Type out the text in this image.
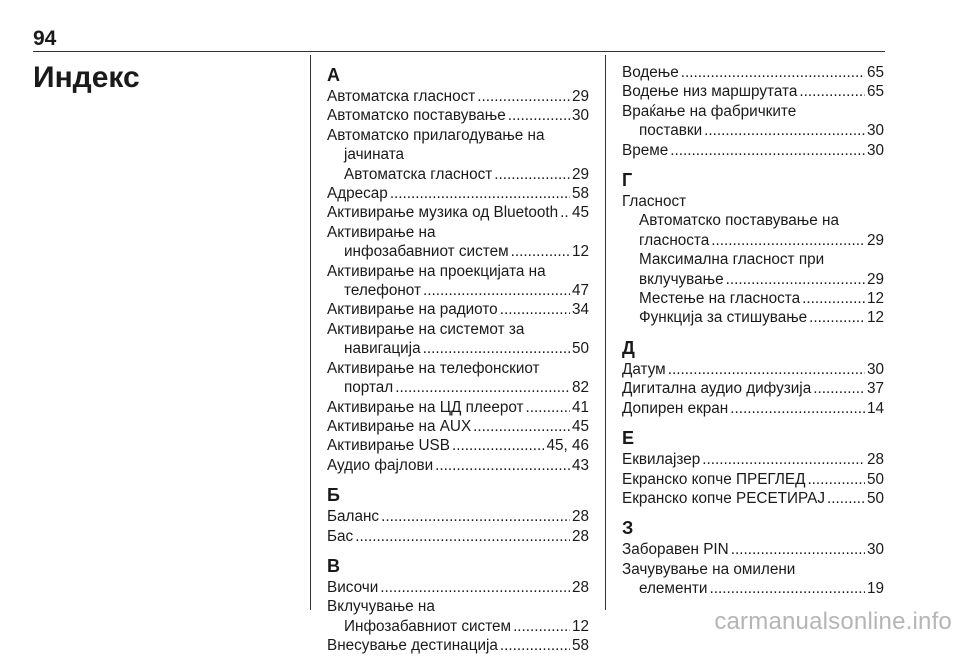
94
Индекс	А
Автоматска гласност .....	29
Автоматско поставување .....	30
Автоматско прилагодување на
јачината
Автоматска гласност .....	29
Адресар .....	58
Активирање музика од Bluetooth ..... 45
Активирање на
инфозабавниот систем .....	12
Активирање на проекцијата на
телефонот .....	47
Активирање на радиото .....	34
Активирање на системот за
навигација .....	50
Активирање на телефонскиот
портал .....	82
Активирање на ЦД плеерот .....	41
Активирање на AUX .....	45
Активирање USB .....	45, 46
Аудио фајлови .....	43
Б
Баланс .....	28
Бас .....	28
В
Височи .....	28
Вклучување на
Инфозабавниот систем .....	12
Внесување дестинација .....	58
Водење .....	65
Водење низ маршрутата .....	65
Враќање на фабричките
поставки .....	30
Време .....	30
Г
Гласност
Автоматско поставување на
гласноста .....	29
Максимална гласност при
вклучување .....	29
Местење на гласноста .....	12
Функција за стишување .....	12
Д
Датум .....	30
Дигитална аудио дифузија .....	37
Допирен екран .....	14
Е
Еквилајзер .....	28
Екранско копче ПРЕГЛЕД .....	50
Екранско копче РЕСЕТИРАЈ .....	50
З
Заборавен PIN .....	30
Зачувување на омилени
елементи .....	19
carmanualsonline.info
